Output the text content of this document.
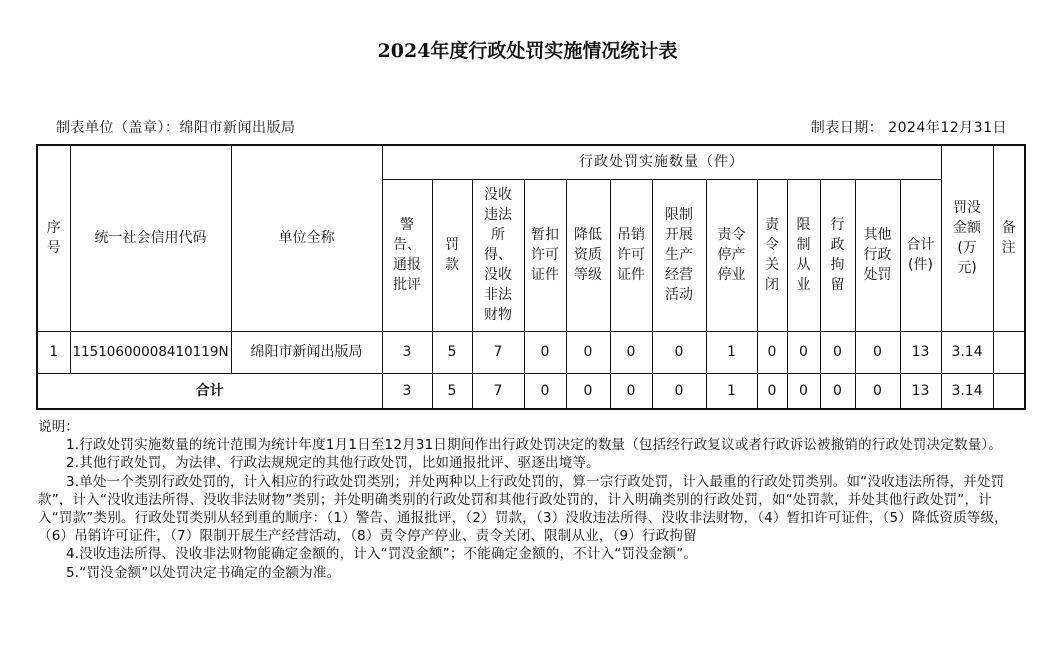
2024年度行政处罚实施情况统计表
制表单位（盖章）：绵阳市新闻出版局	制表日期： 2024年12月31日
序号	统一社会信用代码	单位全称	行政处罚实施数量（件）													罚没金额(万元)	备注
			警告、通报批评	罚款	没收违法所得、没收非法财物	暂扣许可证件	降低资质等级	吊销许可证件	限制开展生产经营活动	责令停产停业	责令关闭	限制从业	行政拘留	其他行政处罚	合计(件)		
1	11510600008410119N	绵阳市新闻出版局	3	5	7	0	0	0	0	1	0	0	0	0	13	3.14	
合计			3	5	7	0	0	0	0	1	0	0	0	0	13	3.14	

说明：

1.行政处罚实施数量的统计范围为统计年度1月1日至12月31日期间作出行政处罚决定的数量（包括经行政复议或者行政诉讼被撤销的行政处罚决定数量）。

2.其他行政处罚，为法律、行政法规规定的其他行政处罚，比如通报批评、驱逐出境等。

3.单处一个类别行政处罚的，计入相应的行政处罚类别；并处两种以上行政处罚的，算一宗行政处罚，计入最重的行政处罚类别。如“没收违法所得，并处罚款”，计入“没收违法所得、没收非法财物”类别；并处明确类别的行政处罚和其他行政处罚的，计入明确类别的行政处罚，如“处罚款，并处其他行政处罚”，计入“罚款”类别。行政处罚类别从轻到重的顺序：（1）警告、通报批评，（2）罚款，（3）没收违法所得、没收非法财物，（4）暂扣许可证件，（5）降低资质等级，（6）吊销许可证件，（7）限制开展生产经营活动，（8）责令停产停业、责令关闭、限制从业，（9）行政拘留

4.没收违法所得、没收非法财物能确定金额的，计入“罚没金额”；不能确定金额的，不计入“罚没金额”。

5.“罚没金额”以处罚决定书确定的金额为准。
